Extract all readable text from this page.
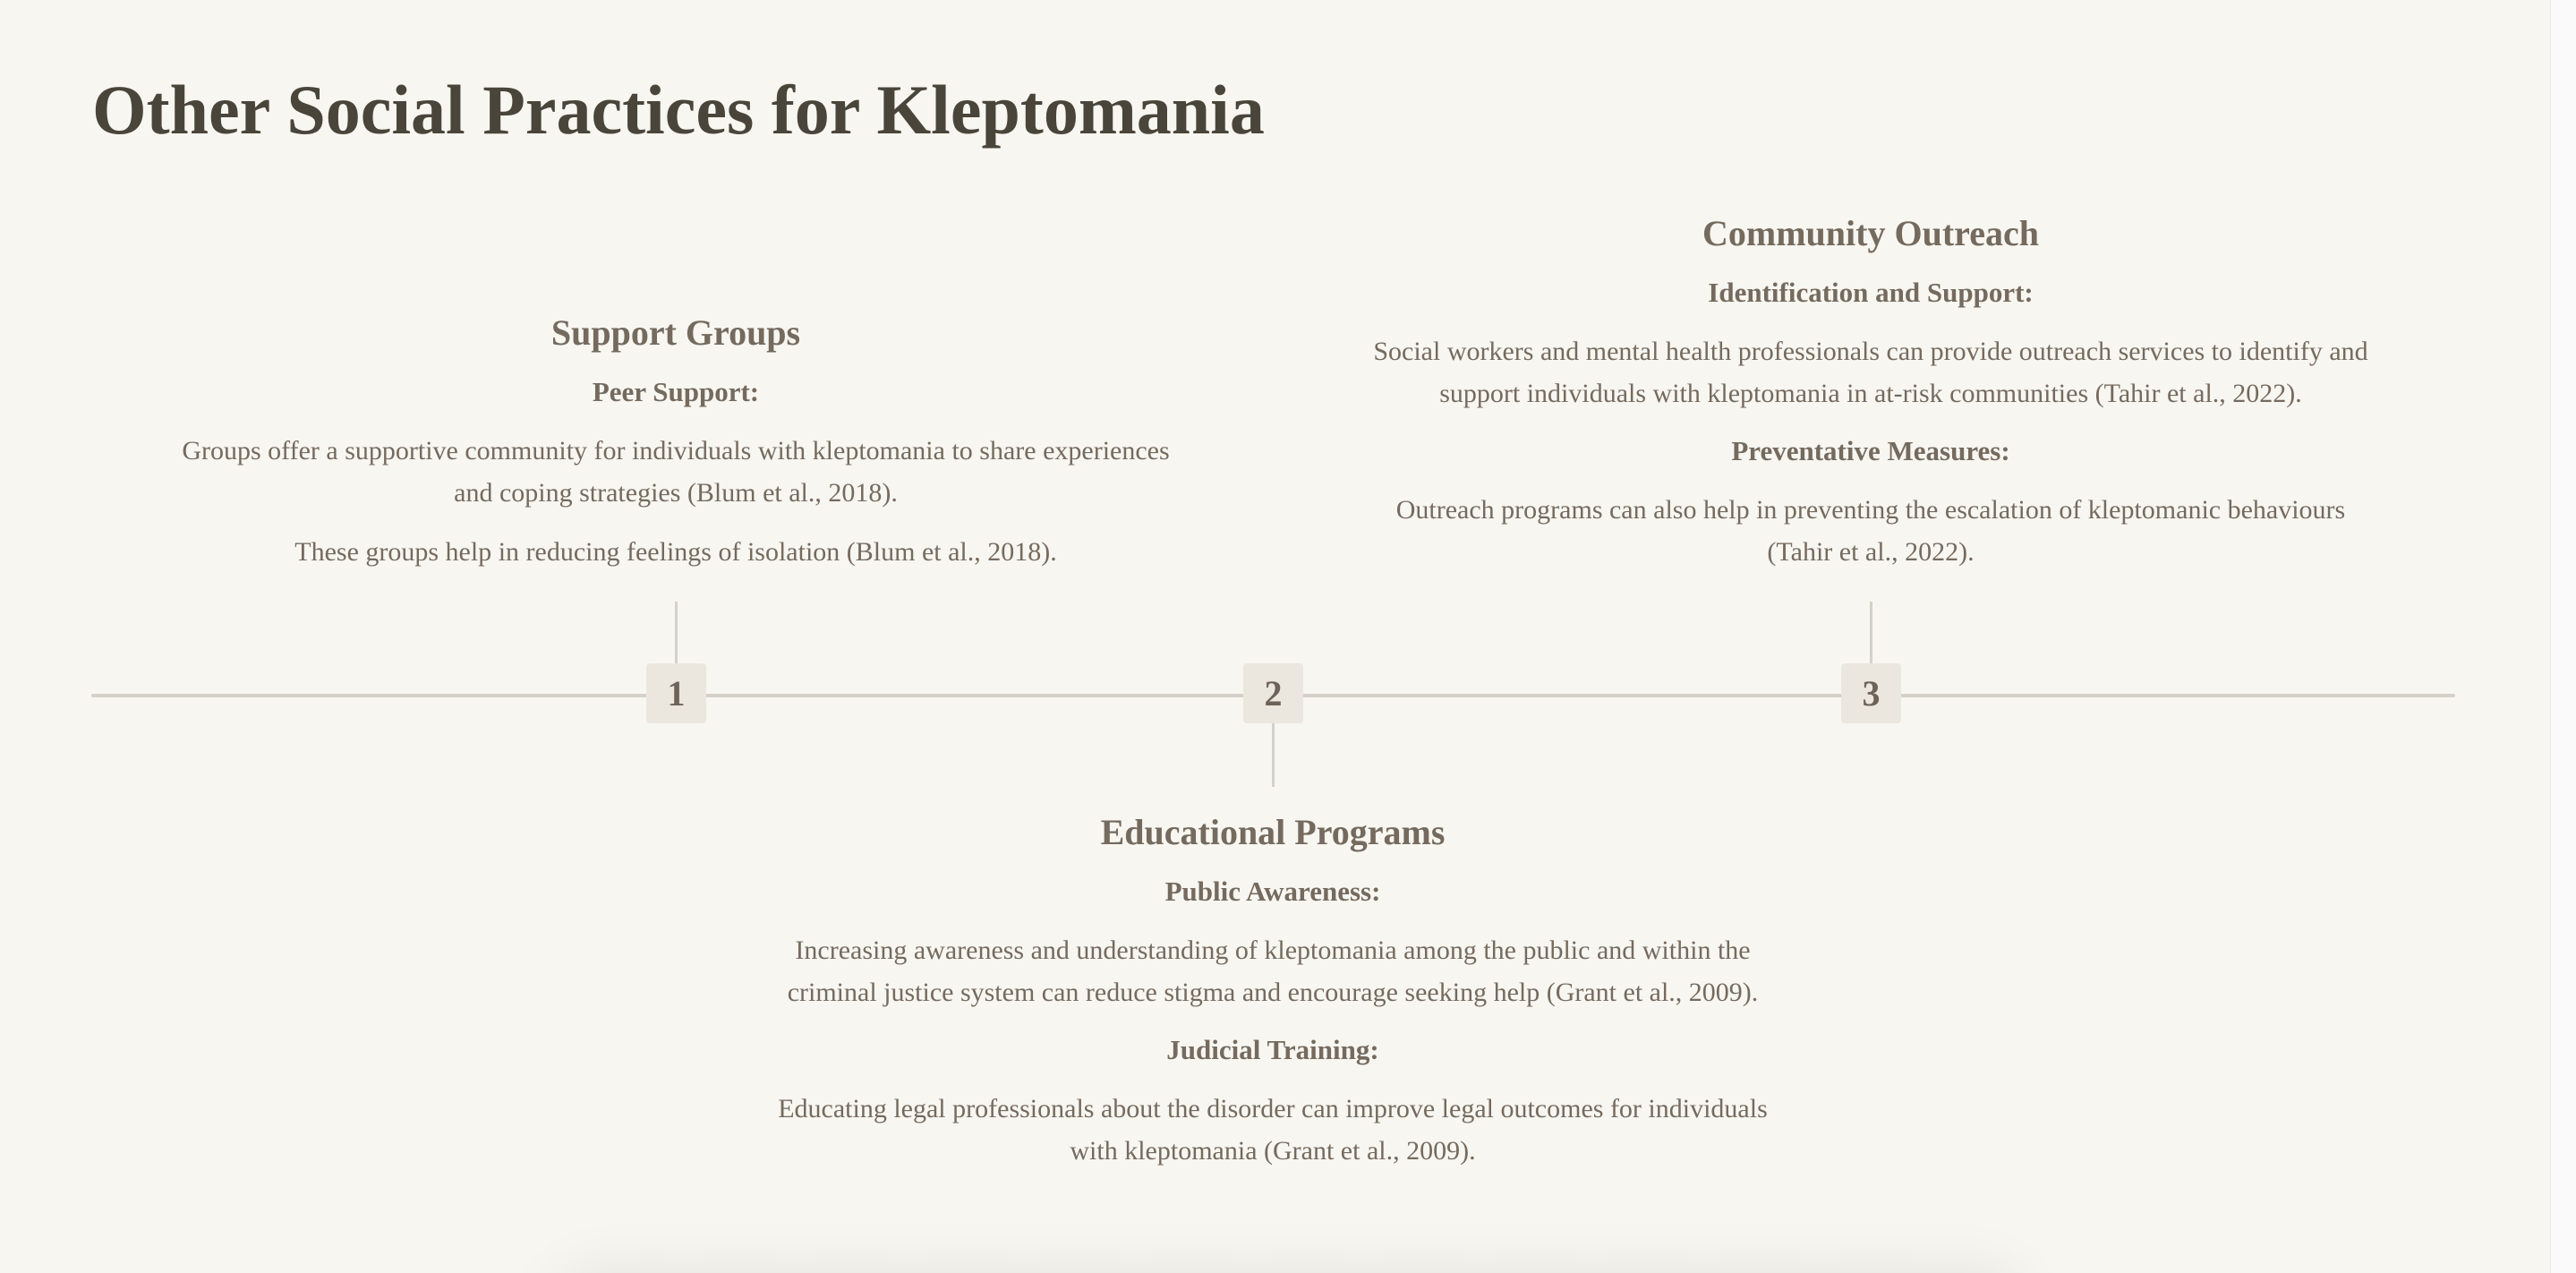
Other Social Practices for Kleptomania
Support Groups
Peer Support:

Groups offer a supportive community for individuals with kleptomania to share experiences
and coping strategies (Blum et al., 2018).

These groups help in reducing feelings of isolation (Blum et al., 2018).

1	2
Educational Programs
Public Awareness:

Increasing awareness and understanding of kleptomania among the public and within the
criminal justice system can reduce stigma and encourage seeking help (Grant et al., 2009).

Judicial Training:

Educating legal professionals about the disorder can improve legal outcomes for individuals
with kleptomania (Grant et al., 2009).

Community Outreach
Identification and Support:

Social workers and mental health professionals can provide outreach services to identify and
support individuals with kleptomania in at-risk communities (Tahir et al., 2022).

Preventative Measures:

Outreach programs can also help in preventing the escalation of kleptomanic behaviours
(Tahir et al., 2022).

3
